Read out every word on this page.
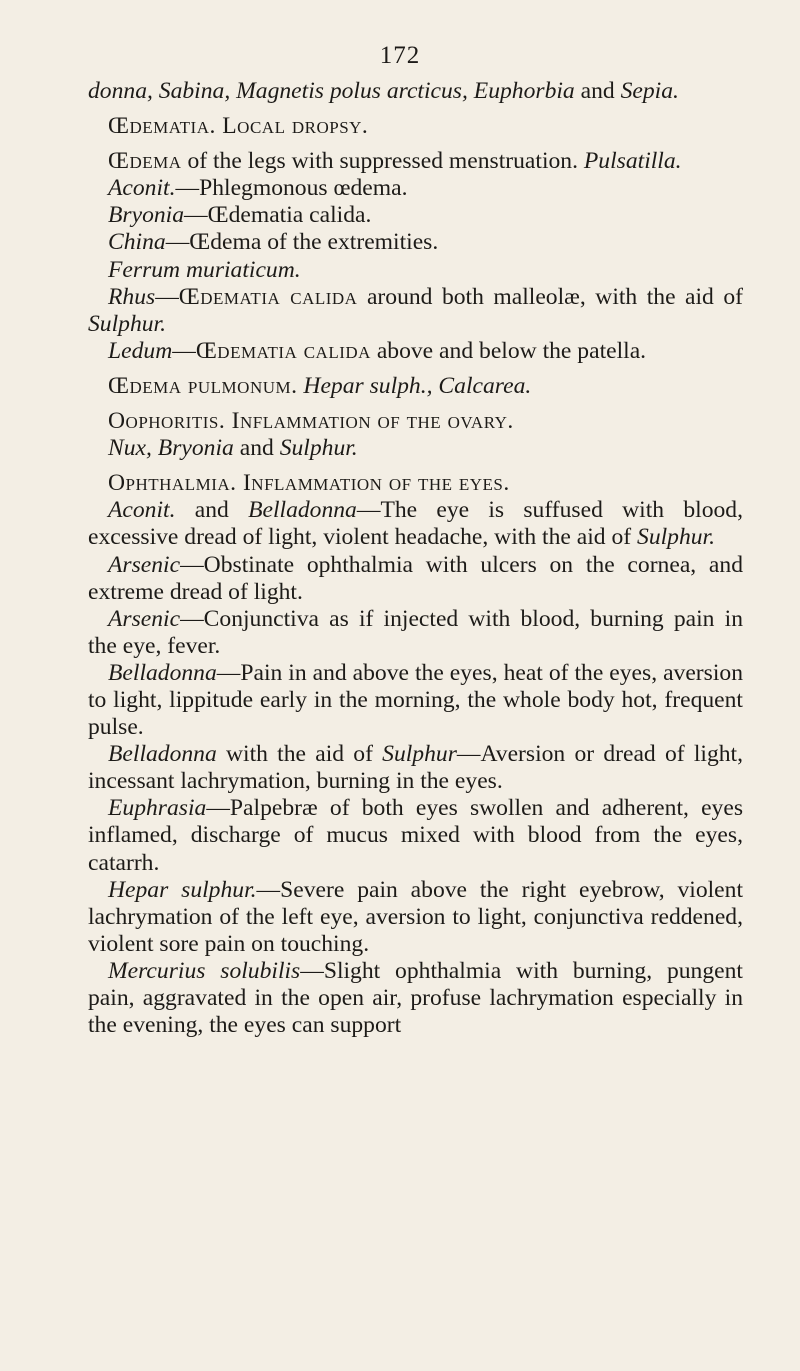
172

donna, Sabina, Magnetis polus arcticus, Euphorbia and Sepia.

Œdematia. Local dropsy.

Œdema of the legs with suppressed menstruation. Pulsatilla.

Aconit.—Phlegmonous œdema.

Bryonia—Œdematia calida.

China—Œdema of the extremities.

Ferrum muriaticum.

Rhus—Œdematia calida around both malleolæ, with the aid of Sulphur.

Ledum—Œdematia calida above and below the patella.

Œdema pulmonum. Hepar sulph., Calcarea.

Oophoritis. Inflammation of the ovary.

Nux, Bryonia and Sulphur.

Ophthalmia. Inflammation of the eyes.

Aconit. and Belladonna—The eye is suffused with blood, excessive dread of light, violent headache, with the aid of Sulphur.

Arsenic—Obstinate ophthalmia with ulcers on the cornea, and extreme dread of light.

Arsenic—Conjunctiva as if injected with blood, burning pain in the eye, fever.

Belladonna—Pain in and above the eyes, heat of the eyes, aversion to light, lippitude early in the morning, the whole body hot, frequent pulse.

Belladonna with the aid of Sulphur—Aversion or dread of light, incessant lachrymation, burning in the eyes.

Euphrasia—Palpebræ of both eyes swollen and adherent, eyes inflamed, discharge of mucus mixed with blood from the eyes, catarrh.

Hepar sulphur.—Severe pain above the right eyebrow, violent lachrymation of the left eye, aversion to light, conjunctiva reddened, violent sore pain on touching.

Mercurius solubilis—Slight ophthalmia with burning, pungent pain, aggravated in the open air, profuse lachrymation especially in the evening, the eyes can support
